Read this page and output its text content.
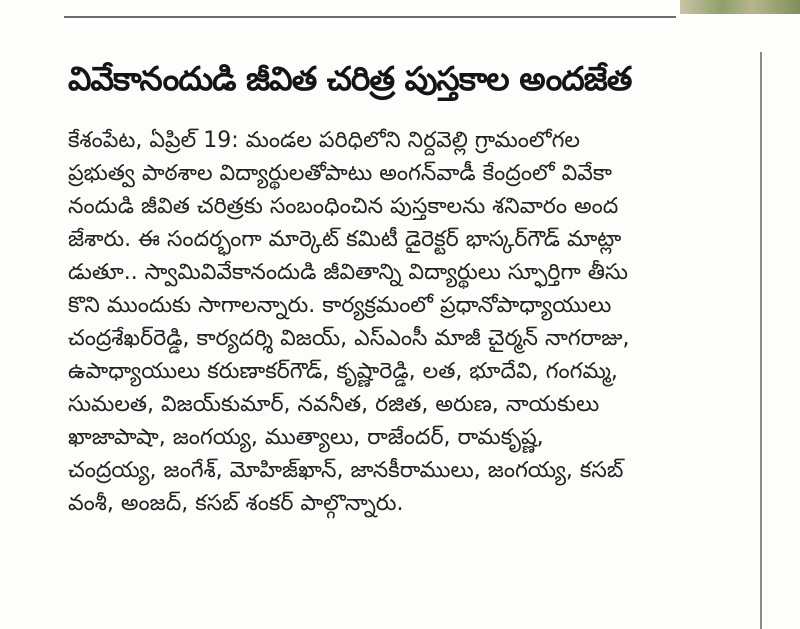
వివేకానందుడి జీవిత చరిత్ర పుస్తకాల అందజేత
కేశంపేట, ఏప్రిల్ 19: మండల పరిధిలోని నిర్దవెల్లి గ్రామంలోగల
ప్రభుత్వ పాఠశాల విద్యార్థులతోపాటు అంగన్‌వాడీ కేంద్రంలో వివేకా
నందుడి జీవిత చరిత్రకు సంబంధించిన పుస్తకాలను శనివారం అంద
జేశారు. ఈ సందర్భంగా మార్కెట్ కమిటీ డైరెక్టర్ భాస్కర్‌గౌడ్ మాట్లా
డుతూ.. స్వామివివేకానందుడి జీవితాన్ని విద్యార్థులు స్ఫూర్తిగా తీసు
కొని ముందుకు సాగాలన్నారు. కార్యక్రమంలో ప్రధానోపాధ్యాయులు
చంద్రశేఖర్‌రెడ్డి, కార్యదర్శి విజయ్, ఎస్ఎంసీ మాజీ చైర్మన్ నాగరాజు,
ఉపాధ్యాయులు కరుణాకర్‌గౌడ్, కృష్ణారెడ్డి, లత, భూదేవి, గంగమ్మ,
సుమలత, విజయ్‌కుమార్, నవనీత, రజిత, అరుణ, నాయకులు
ఖాజాపాషా, జంగయ్య, ముత్యాలు, రాజేందర్, రామకృష్ణ,
చంద్రయ్య, జంగేశ్, మోహిజ్‌ఖాన్, జానకీరాములు, జంగయ్య, కసబ్
వంశీ, అంజద్, కసబ్ శంకర్ పాల్గొన్నారు.
